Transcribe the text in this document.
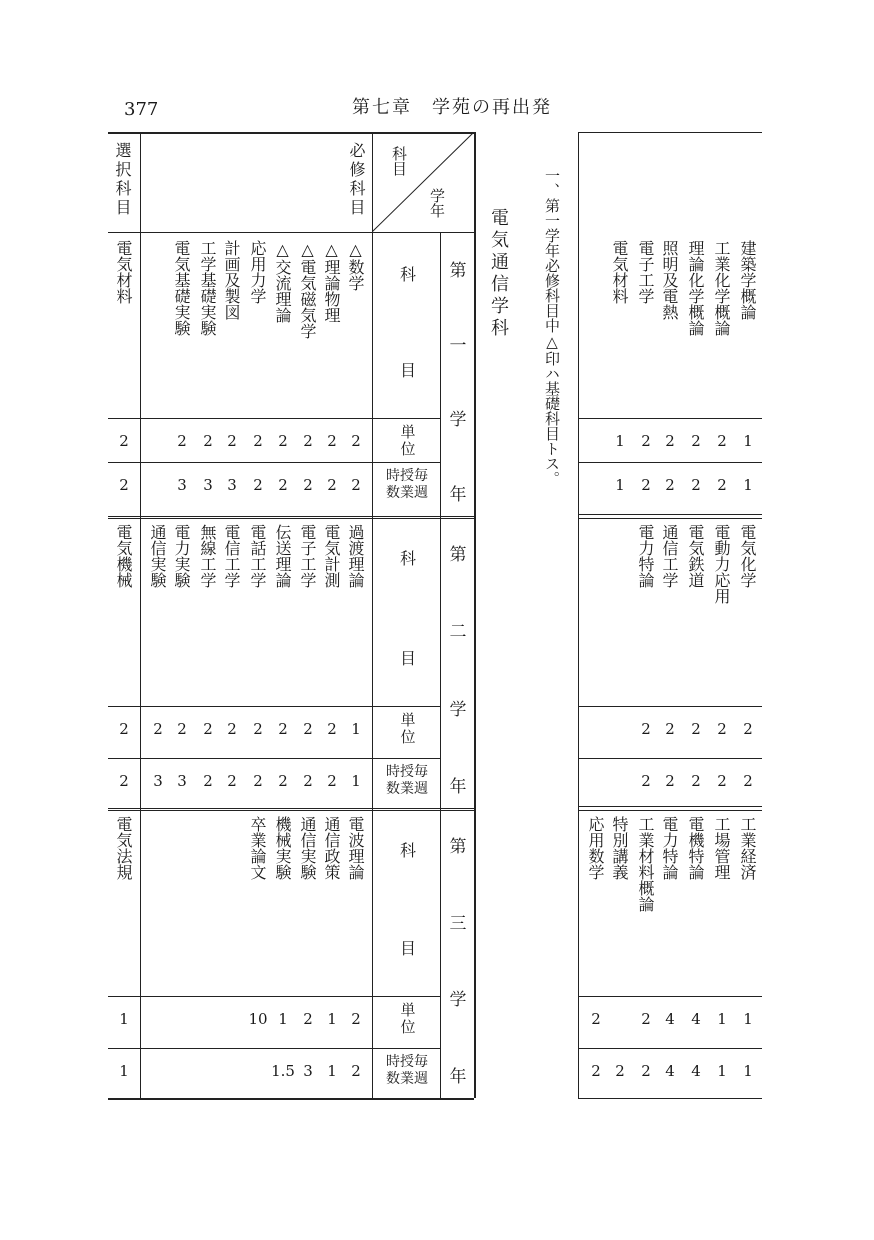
377	第七章　学苑の再出発
電気通信学科 一、第一学年必修科目中△印ハ基礎科目トス。
必修科目
選択科目	科目
学年
第
一
学
年
科
目
単
位
時授毎
数業週
△数学
2
2
△理論物理
2
2
△電気磁気学
2
2
△交流理論
2
2
応用力学
2
2
計画及製図
2
3
工学基礎実験
2
3
電気基礎実験
2
3
電気材料
2
2
第
二
学
年
科
目
単
位
時授毎
数業週
過渡理論
1
1
電気計測
2
2
電子工学
2
2
伝送理論
2
2
電話工学
2
2
電信工学
2
2
無線工学
2
2
電力実験
2
3
通信実験
2
3
電気機械
2
2
第
三
学
年
科
目
単
位
時授毎
数業週
電波理論
2
2
通信政策
1
1
通信実験
2
3
機械実験
1
1.5
卒業論文
10
電気法規
1
1
建築学概論
1
1
工業化学概論
2
2
理論化学概論
2
2
照明及電熱
2
2
電子工学
2
2
電気材料
1
1
電気化学
2
2
電動力応用
2
2
電気鉄道
2
2
通信工学
2
2
電力特論
2
2
工業経済
1
1
工場管理
1
1
電機特論
4
4
電力特論
4
4
工業材料概論
2
2
特別講義
2
応用数学
2
2
